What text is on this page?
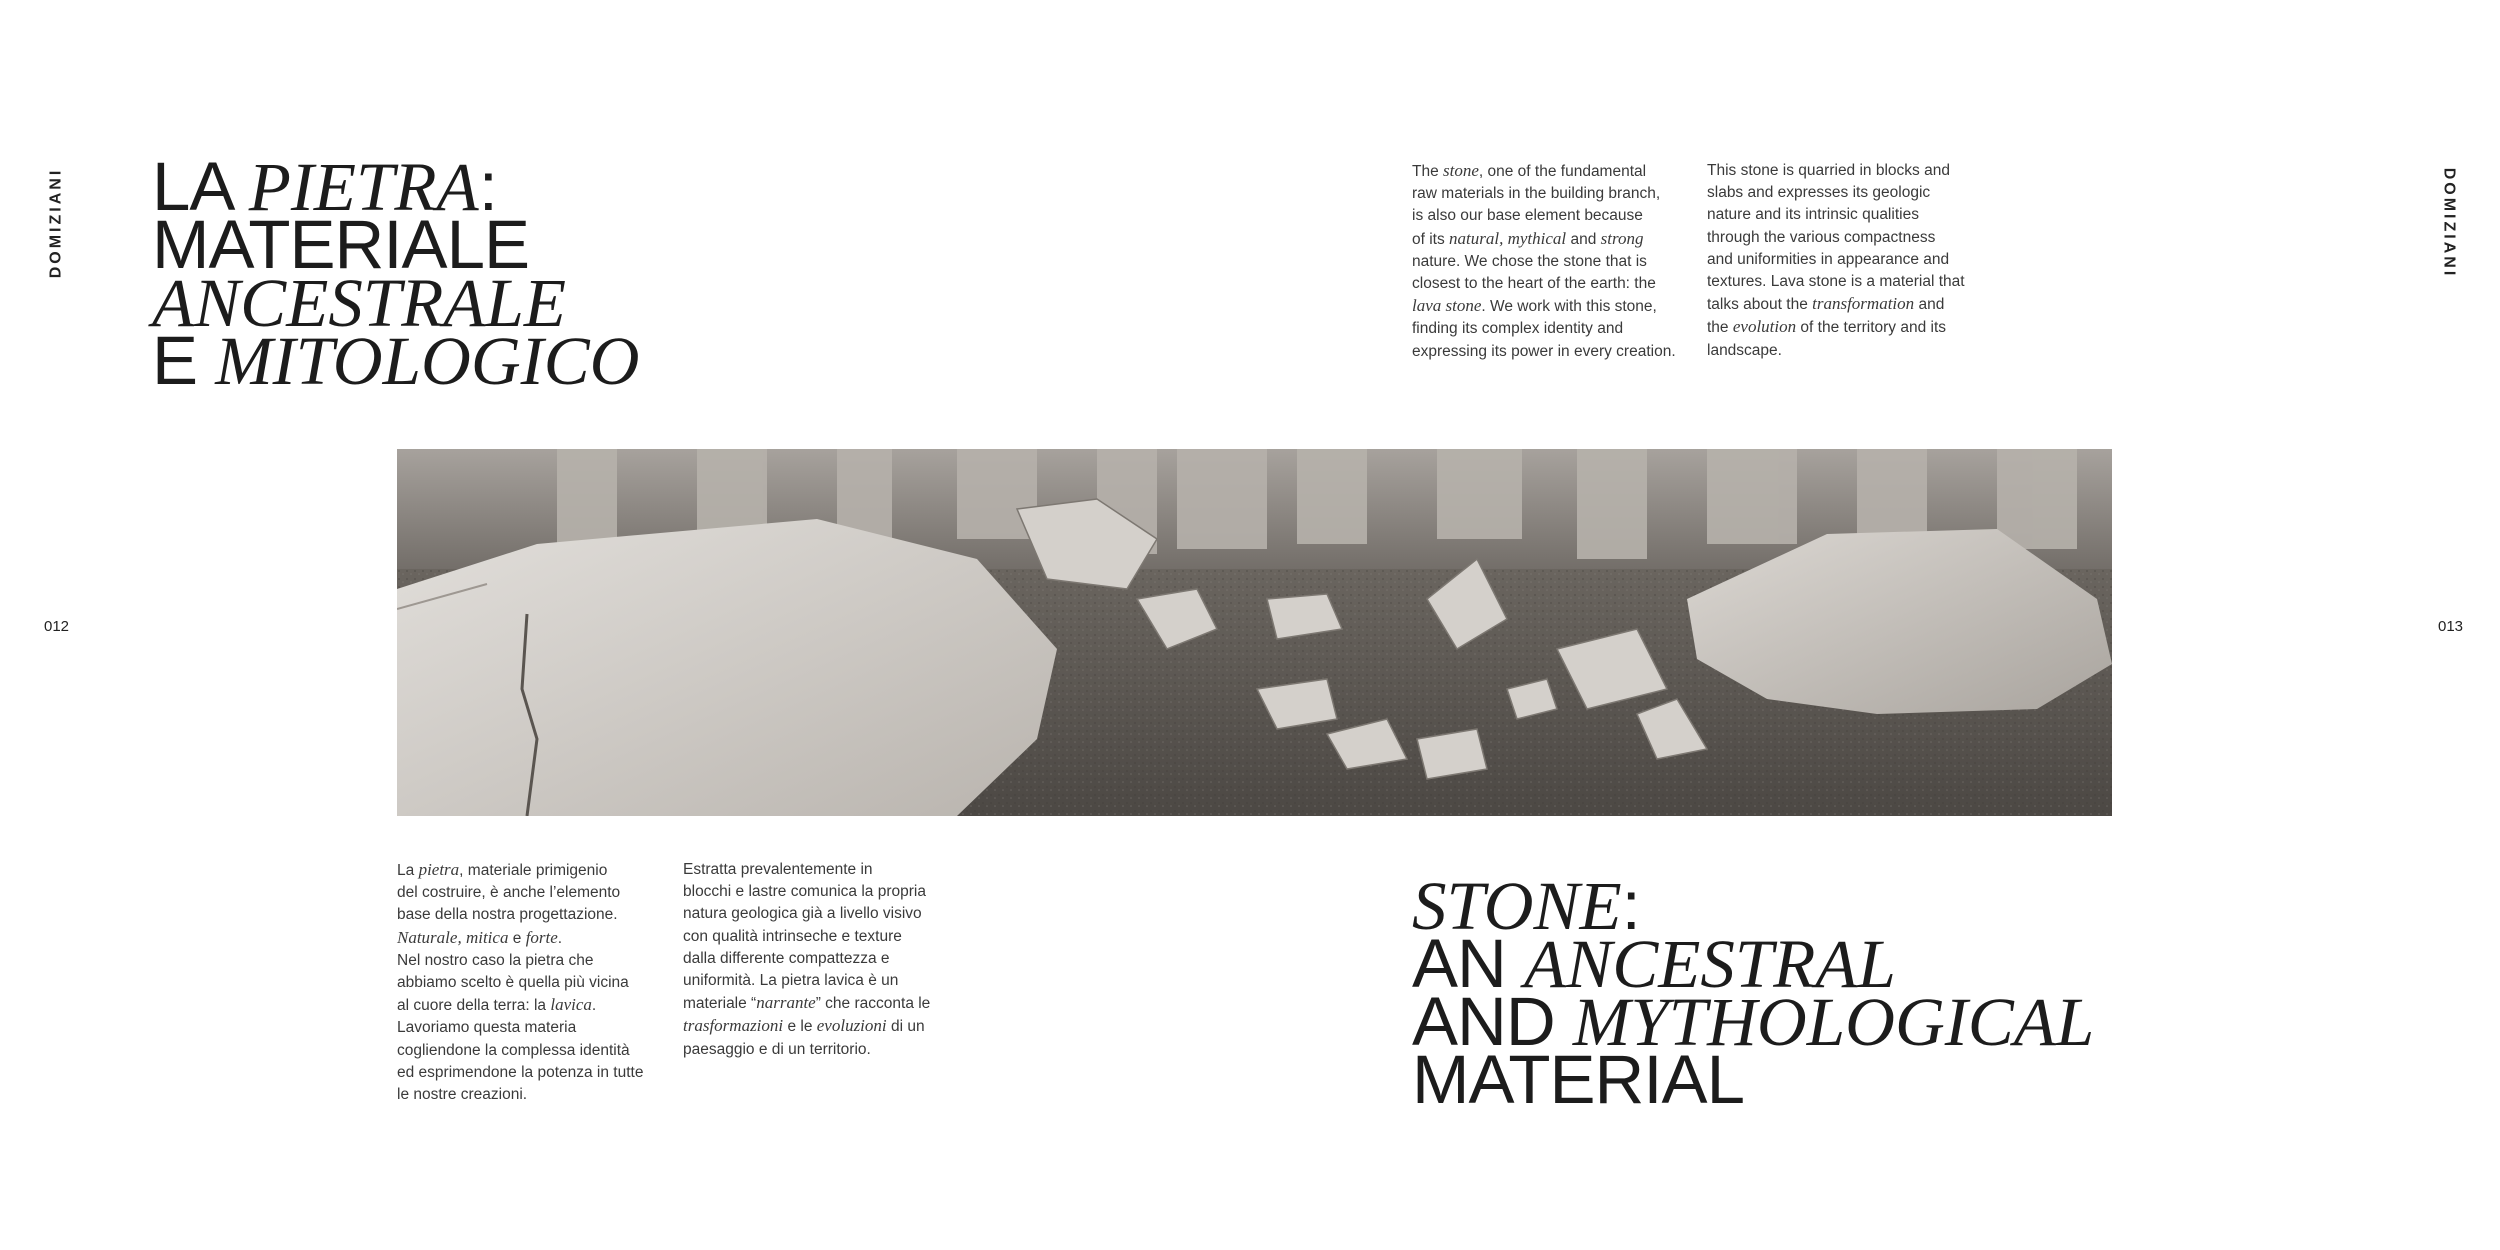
DOMIZIANI	DOMIZIANI
012	013
LA PIETRA:
MATERIALE
ANCESTRALE
E MITOLOGICO
The stone, one of the fundamental
raw materials in the building branch,
is also our base element because
of its natural, mythical and strong
nature. We chose the stone that is
closest to the heart of the earth: the
lava stone. We work with this stone,
finding its complex identity and
expressing its power in every creation.
This stone is quarried in blocks and
slabs and expresses its geologic
nature and its intrinsic qualities
through the various compactness
and uniformities in appearance and
textures. Lava stone is a material that
talks about the transformation and
the evolution of the territory and its
landscape.
La pietra, materiale primigenio
del costruire, è anche l’elemento
base della nostra progettazione.
Naturale, mitica e forte.
Nel nostro caso la pietra che
abbiamo scelto è quella più vicina
al cuore della terra: la lavica.
Lavoriamo questa materia
cogliendone la complessa identità
ed esprimendone la potenza in tutte
le nostre creazioni.
Estratta prevalentemente in
blocchi e lastre comunica la propria
natura geologica già a livello visivo
con qualità intrinseche e texture
dalla differente compattezza e
uniformità. La pietra lavica è un
materiale “narrante” che racconta le
trasformazioni e le evoluzioni di un
paesaggio e di un territorio.
STONE:
AN ANCESTRAL
AND MYTHOLOGICAL
MATERIAL
